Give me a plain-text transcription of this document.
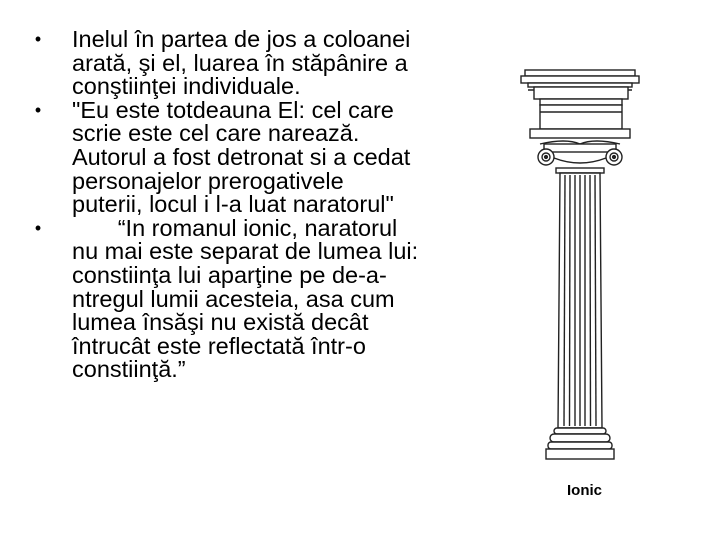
• Inelul în partea de jos a coloanei
arată, şi el, luarea în stăpânire a
conştiinţei individuale.
• "Eu este totdeauna El: cel care
scrie este cel care narează.
Autorul a fost detronat si a cedat
personajelor prerogativele
puterii, locul i l-a luat naratorul"
•	“In romanul ionic, naratorul
nu mai este separat de lumea lui:
constiinţa lui aparţine pe de-a-
ntregul lumii acesteia, asa cum
lumea însăşi nu există decât
întrucât este reflectată într-o
constiinţă.”
Ionic
